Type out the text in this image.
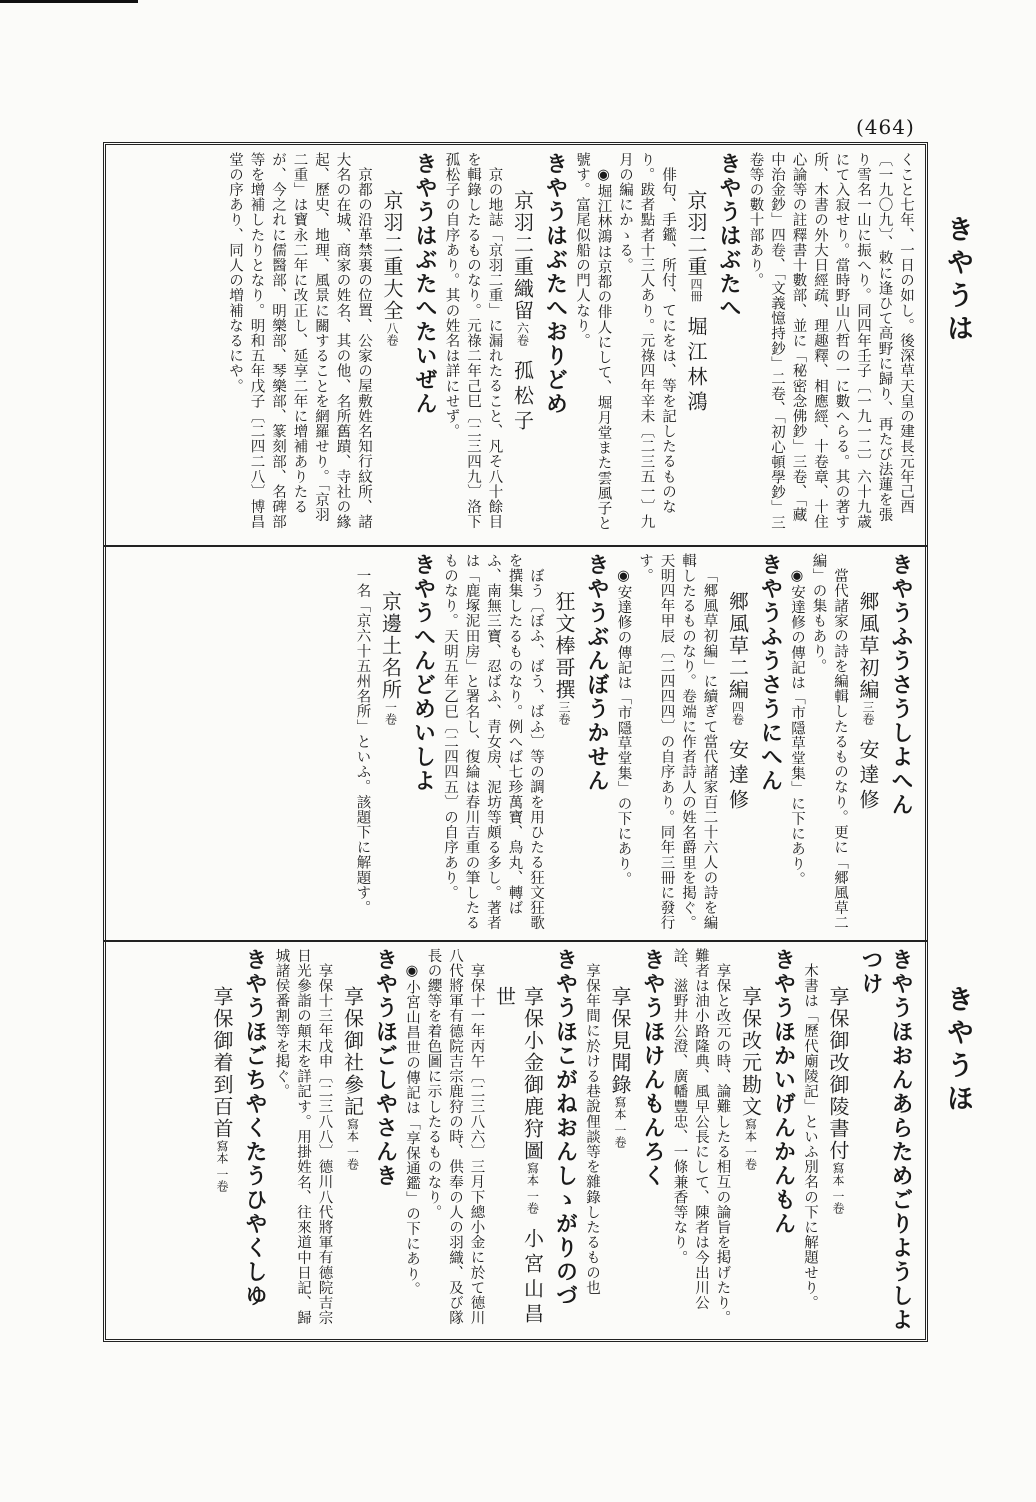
(464)
きやうは
きやうほ
くこと七年、一日の如し。後深草天皇の建長元年己酉〔一九〇九〕、敕に逢ひて高野に歸り、再たび法蓮を張り雪名一山に振へり。同四年壬子〔一九一二〕六十九歳にて入寂せり。當時野山八哲の一に數へらる。其の著す所、木書の外大日經疏、理趣釋、相應經、十卷章、十住心論等の註釋書十數部、並に「秘密念佛鈔」三卷、「藏中治金鈔」四卷、「文義憶持鈔」二卷、「初心頓學鈔」三卷等の數十部あり。
きやうはぶたへ
京羽二重四冊堀江林鴻
俳句、手鑑、所付、てにをは、等を記したるものなり。跋者點者十三人あり。元祿四年辛未〔二三五一〕九月の編にかゝる。
◉堀江林鴻は京都の俳人にして、堀月堂また雲風子と號す。富尾似船の門人なり。
きやうはぶたへおりどめ
京羽二重織留六卷孤松子
京の地誌「京羽二重」に漏れたること、凡そ八十餘目を輯錄したるものなり。元祿二年己巳〔二三四九〕洛下孤松子の自序あり。其の姓名は詳にせず。
きやうはぶたへたいぜん
京羽二重大全八卷
京都の沿革禁裏の位置、公家の屋敷姓名知行紋所、諸大名の在城、商家の姓名、其の他、名所舊蹟、寺社の緣起、歷史、地理、風景に關することを網羅せり。「京羽二重」は寶永二年に改正し、延享二年に增補ありたるが、今之れに儒醫部、明樂部、琴樂部、篆刻部、名碑部等を增補したりとなり。明和五年戊子〔二四二八〕博昌堂の序あり、同人の増補なるにや。
きやうふうさうしよへん
郷風草初編三卷安達修
當代諸家の詩を編輯したるものなり。更に「郷風草二編」の集もあり。
◉安達修の傳記は「市隱草堂集」に下にあり。
きやうふうさうにへん
郷風草二編四卷安達修
「郷風草初編」に續ぎて當代諸家百二十六人の詩を編輯したるものなり。卷端に作者詩人の姓名爵里を掲ぐ。天明四年甲辰〔二四四四〕の自序あり。同年三冊に發行す。
◉安達修の傳記は「市隱草堂集」の下にあり。
きやうぶんぼうかせん
狂文棒哥撰三卷
ぼう〔ぼふ、ばう、ばふ〕等の調を用ひたる狂文狂歌を撰集したるものなり。例へば七珍萬寶、鳥丸、轉ばふ、南無三寶、忍ばふ、青女房、泥坊等頗る多し。著者は「鹿塚泥田房」と署名し、復綸は春川吉重の筆したるものなり。天明五年乙巳〔二四四五〕の自序あり。
きやうへんどめいしよ
京邊土名所一卷
一名「京六十五州名所」といふ。該題下に解題す。
きやうほおんあらためごりようしよつけ
享保御改御陵書付寫本 一卷
木書は「歷代廟陵記」といふ別名の下に解題せり。
きやうほかいげんかんもん
享保改元勘文寫本 一卷
享保と改元の時、論難したる相互の論旨を掲げたり。難者は油小路隆典、風早公長にして、陳者は今出川公詮、滋野井公澄、廣幡豐忠、一條兼香等なり。
きやうほけんもんろく
享保見聞錄寫本 一卷
享保年間に於ける巷說俚談等を雜錄したるもの也
きやうほこがねおんしゝがりのづ
享保小金御鹿狩圖寫本 一卷小宮山昌世
享保十一年丙午〔二三八六〕三月下總小金に於て德川八代將軍有德院吉宗鹿狩の時、供奉の人の羽織、及び隊長の纓等を着色圖に示したるものなり。
◉小宮山昌世の傳記は「享保通鑑」の下にあり。
きやうほごしやさんき
享保御社參記寫本 一卷
享保十三年戊申〔二三八八〕德川八代將軍有德院吉宗日光參詣の顛末を詳記す。用掛姓名、往來道中日記、歸城諸侯番割等を掲ぐ。
きやうほごちやくたうひやくしゆ
享保御着到百首寫本 一卷
